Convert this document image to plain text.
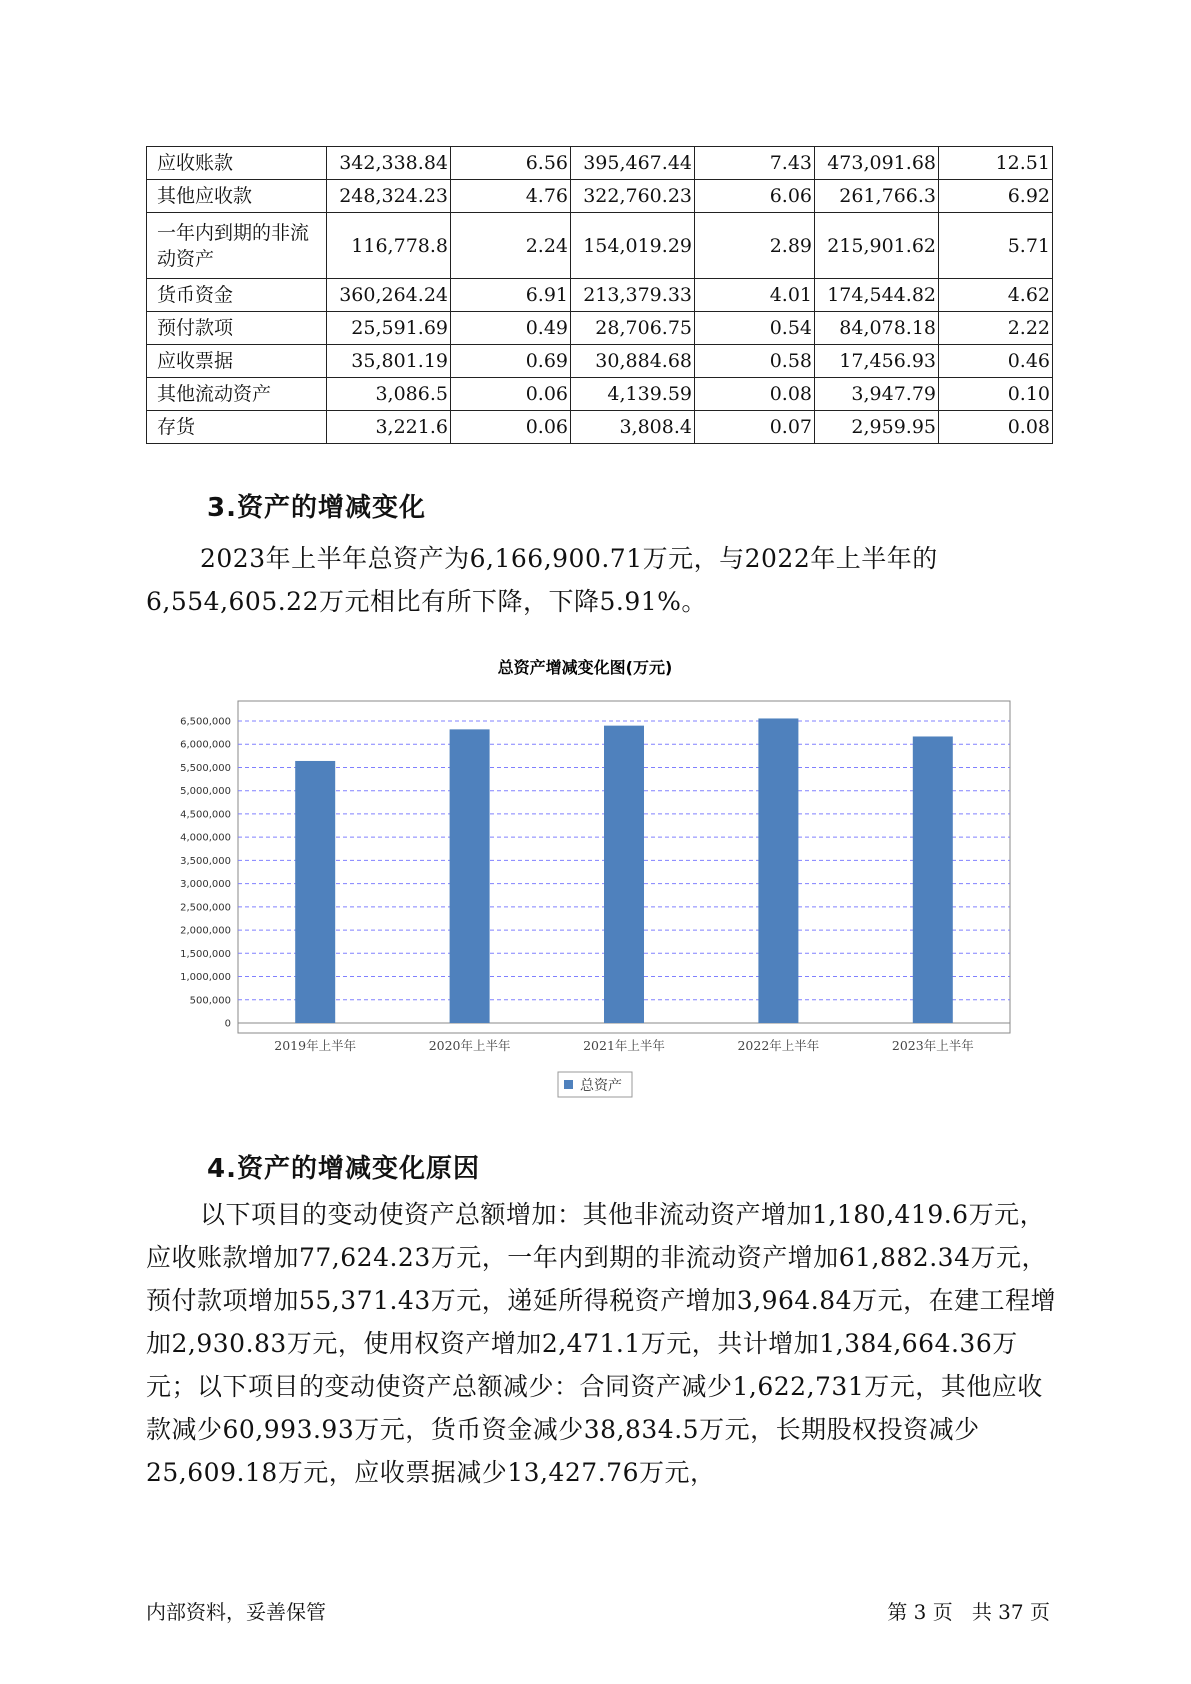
应收账款	342,338.84	6.56	395,467.44	7.43	473,091.68	12.51
其他应收款	248,324.23	4.76	322,760.23	6.06	261,766.3	6.92
一年内到期的非流动资产	116,778.8	2.24	154,019.29	2.89	215,901.62	5.71
货币资金	360,264.24	6.91	213,379.33	4.01	174,544.82	4.62
预付款项	25,591.69	0.49	28,706.75	0.54	84,078.18	2.22
应收票据	35,801.19	0.69	30,884.68	0.58	17,456.93	0.46
其他流动资产	3,086.5	0.06	4,139.59	0.08	3,947.79	0.10
存货	3,221.6	0.06	3,808.4	0.07	2,959.95	0.08
3.资产的增减变化

2023年上半年总资产为6,166,900.71万元，与2022年上半年的6,554,605.22万元相比有所下降，下降5.91%。

总资产增减变化图(万元)
0
500,000
1,000,000
1,500,000
2,000,000
2,500,000
3,000,000
3,500,000
4,000,000
4,500,000
5,000,000
5,500,000
6,000,000
6,500,000
2019年上半年	2020年上半年	2021年上半年	2022年上半年	2023年上半年
总资产
4.资产的增减变化原因

以下项目的变动使资产总额增加：其他非流动资产增加1,180,419.6万元，应收账款增加77,624.23万元，一年内到期的非流动资产增加61,882.34万元，预付款项增加55,371.43万元，递延所得税资产增加3,964.84万元，在建工程增加2,930.83万元，使用权资产增加2,471.1万元，共计增加1,384,664.36万元；以下项目的变动使资产总额减少：合同资产减少1,622,731万元，其他应收款减少60,993.93万元，货币资金减少38,834.5万元，长期股权投资减少25,609.18万元，应收票据减少13,427.76万元，

内部资料，妥善保管	第 3 页   共 37 页
